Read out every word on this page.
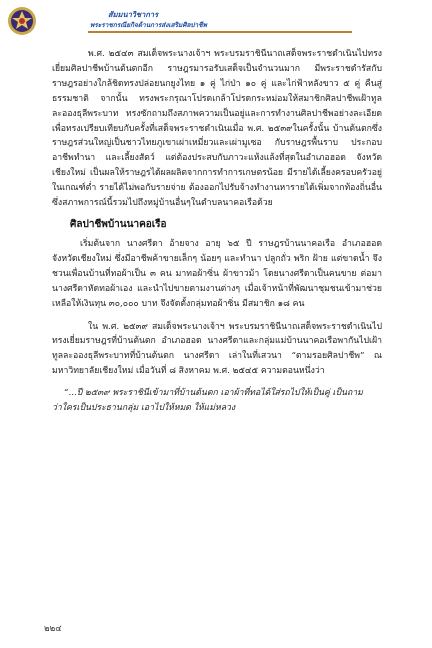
สัมมนาวิชาการ
พระราชกรณียกิจด้านการส่งเสริมศิลปาชีพ

พ.ศ. ๒๕๔๓ สมเด็จพระนางเจ้าฯ พระบรมราชินีนาถเสด็จพระราชดำเนินไปทรงเยี่ยมศิลปาชีพบ้านต้นตกอีก ราษฎรมารอรับเสด็จเป็นจำนวนมาก มีพระราชดำรัสกับราษฎรอย่างใกล้ชิดทรงปล่อยนกยูงไทย ๑ คู่ ไก่ป่า ๑๐ คู่ และไก่ฟ้าหลังขาว ๕ คู่ คืนสู่ธรรมชาติ จากนั้น ทรงพระกรุณาโปรดเกล้าโปรดกระหม่อมให้สมาชิกศิลปาชีพเฝ้าทูลละอองธุลีพระบาท ทรงซักถามถึงสภาพความเป็นอยู่และการทำงานศิลปาชีพอย่างละเอียด เพื่อทรงเปรียบเทียบกับครั้งที่เสด็จพระราชดำเนินเมื่อ พ.ศ. ๒๕๓๙ในครั้งนั้น บ้านต้นตกซึ่งราษฎรส่วนใหญ่เป็นชาวไทยภูเขาเผ่าเหมี่ยวและเผ่ามูเซอ กับราษฎรพื้นราบ ประกอบอาชีพทำนา และเลี้ยงสัตว์ แต่ต้องประสบกับภาวะแห้งแล้งที่สุดในอำเภอฮอด จังหวัดเชียงใหม่ เป็นผลให้ราษฎรได้ผลผลิตจากการทำการเกษตรน้อย มีรายได้เลี้ยงครอบครัวอยู่ในเกณฑ์ต่ำ รายได้ไม่พอกับรายจ่าย ต้องออกไปรับจ้างทำงานหารายได้เพิ่มจากท้องถิ่นอื่นซึ่งสภาพการณ์นี้รวมไปถึงหมู่บ้านอื่นๆในตำบลนาคอเรือด้วย

ศิลปาชีพบ้านนาคอเรือ

เริ่มต้นจาก นางศรีดา อ้ายจาง อายุ ๖๕ ปี ราษฎรบ้านนาคอเรือ อำเภอฮอด จังหวัดเชียงใหม่ ซึ่งมีอาชีพค้าขายเล็กๆ น้อยๆ และทำนา ปลูกถั่ว พริก ฝ้าย แต่ขาดน้ำ จึงชวนเพื่อนบ้านที่ทอผ้าเป็น ๓ คน มาทอผ้าซิ่น ผ้าขาวม้า โดยนางศรีดาเป็นคนขาย ต่อมานางศรีดาหัดทอผ้าเอง และนำไปขายตามงานต่างๆ เมื่อเจ้าหน้าที่พัฒนาชุมชนเข้ามาช่วยเหลือให้เงินทุน ๓๐,๐๐๐ บาท จึงจัดตั้งกลุ่มทอผ้าซิ่น มีสมาชิก ๑๘ คน

ใน พ.ศ. ๒๕๓๙ สมเด็จพระนางเจ้าฯ พระบรมราชินีนาถเสด็จพระราชดำเนินไปทรงเยี่ยมราษฎรที่บ้านต้นตก อำเภอฮอด นางศรีดาและกลุ่มแม่บ้านนาคอเรือพากันไปเฝ้าทูลละอองธุลีพระบาทที่บ้านต้นตก นางศรีดา เล่าในที่เสวนา “ตามรอยศิลปาชีพ” ณ มหาวิทยาลัยเชียงใหม่ เมื่อวันที่ ๘ สิงหาคม พ.ศ. ๒๕๔๕ ความตอนหนึ่งว่า

“...ปี ๒๕๓๙ พระราชินีเข้ามาที่บ้านต้นตก เอาผ้าที่ทอได้ใส่รถไปให้เป็นคู่ เป็นถามว่าใครเป็นประธานกลุ่ม เอาไปให้หมด ให้แม่หลวง
๒๒๔
